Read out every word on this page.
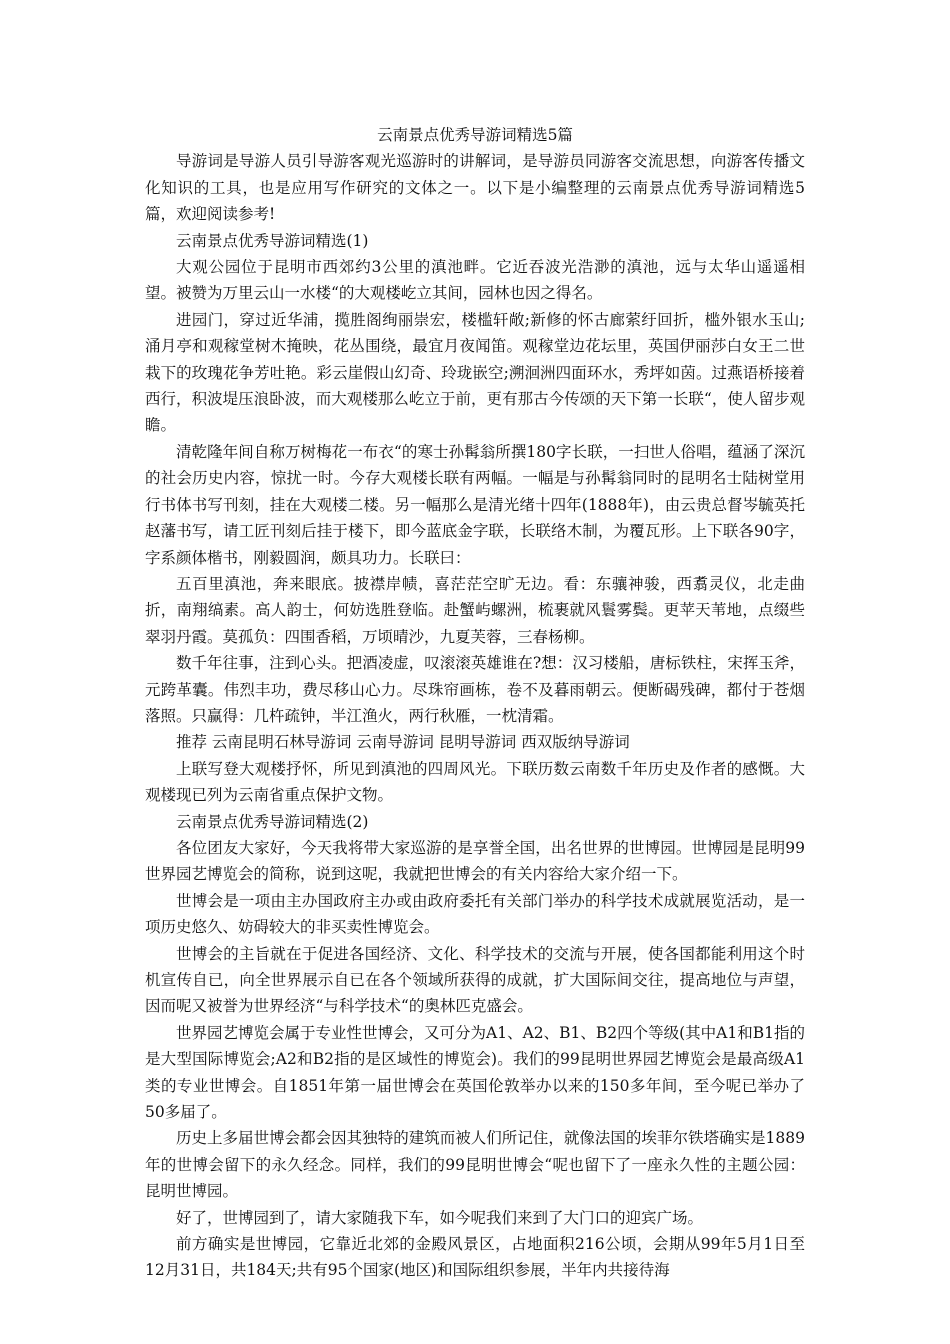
云南景点优秀导游词精选5篇

导游词是导游人员引导游客观光巡游时的讲解词，是导游员同游客交流思想，向游客传播文化知识的工具，也是应用写作研究的文体之一。以下是小编整理的云南景点优秀导游词精选5篇，欢迎阅读参考!

云南景点优秀导游词精选(1)

大观公园位于昆明市西郊约3公里的滇池畔。它近吞波光浩渺的滇池，远与太华山遥遥相望。被赞为万里云山一水楼“的大观楼屹立其间，园林也因之得名。

进园门，穿过近华浦，揽胜阁绚丽崇宏，楼槛轩敞;新修的怀古廊萦纡回折，槛外银水玉山;涌月亭和观稼堂树木掩映，花丛围绕，最宜月夜闻笛。观稼堂边花坛里，英国伊丽莎白女王二世栽下的玫瑰花争芳吐艳。彩云崖假山幻奇、玲珑嵌空;溯洄洲四面环水，秀坪如茵。过燕语桥接着西行，积波堤压浪卧波，而大观楼那么屹立于前，更有那古今传颂的天下第一长联“，使人留步观瞻。

清乾隆年间自称万树梅花一布衣“的寒士孙髯翁所撰180字长联，一扫世人俗唱，蕴涵了深沉的社会历史内容，惊扰一时。今存大观楼长联有两幅。一幅是与孙髯翁同时的昆明名士陆树堂用行书体书写刊刻，挂在大观楼二楼。另一幅那么是清光绪十四年(1888年)，由云贵总督岑毓英托赵藩书写，请工匠刊刻后挂于楼下，即今蓝底金字联，长联络木制，为覆瓦形。上下联各90字，字系颜体楷书，刚毅圆润，颇具功力。长联曰：

五百里滇池，奔来眼底。披襟岸帻，喜茫茫空旷无边。看：东骧神骏，西翥灵仪，北走曲折，南翔缟素。高人韵士，何妨选胜登临。赴蟹屿螺洲，梳裹就风鬟雾鬓。更苹天苇地，点缀些翠羽丹霞。莫孤负：四围香稻，万顷晴沙，九夏芙蓉，三春杨柳。

数千年往事，注到心头。把酒凌虚，叹滚滚英雄谁在?想：汉习楼船，唐标铁柱，宋挥玉斧，元跨革囊。伟烈丰功，费尽移山心力。尽珠帘画栋，卷不及暮雨朝云。便断碣残碑，都付于苍烟落照。只赢得：几杵疏钟，半江渔火，两行秋雁，一枕清霜。

推荐 云南昆明石林导游词 云南导游词 昆明导游词 西双版纳导游词

上联写登大观楼抒怀，所见到滇池的四周风光。下联历数云南数千年历史及作者的感慨。大观楼现已列为云南省重点保护文物。

云南景点优秀导游词精选(2)

各位团友大家好，今天我将带大家巡游的是享誉全国，出名世界的世博园。世博园是昆明99世界园艺博览会的简称，说到这呢，我就把世博会的有关内容给大家介绍一下。

世博会是一项由主办国政府主办或由政府委托有关部门举办的科学技术成就展览活动，是一项历史悠久、妨碍较大的非买卖性博览会。

世博会的主旨就在于促进各国经济、文化、科学技术的交流与开展，使各国都能利用这个时机宣传自已，向全世界展示自已在各个领域所获得的成就，扩大国际间交往，提高地位与声望，因而呢又被誉为世界经济“与科学技术“的奥林匹克盛会。

世界园艺博览会属于专业性世博会，又可分为A1、A2、B1、B2四个等级(其中A1和B1指的是大型国际博览会;A2和B2指的是区域性的博览会)。我们的99昆明世界园艺博览会是最高级A1类的专业世博会。自1851年第一届世博会在英国伦敦举办以来的150多年间，至今呢已举办了50多届了。

历史上多届世博会都会因其独特的建筑而被人们所记住，就像法国的埃菲尔铁塔确实是1889年的世博会留下的永久经念。同样，我们的99昆明世博会“呢也留下了一座永久性的主题公园：昆明世博园。

好了，世博园到了，请大家随我下车，如今呢我们来到了大门口的迎宾广场。

前方确实是世博园，它靠近北郊的金殿风景区，占地面积216公顷，会期从99年5月1日至12月31日，共184天;共有95个国家(地区)和国际组织参展，半年内共接待海
